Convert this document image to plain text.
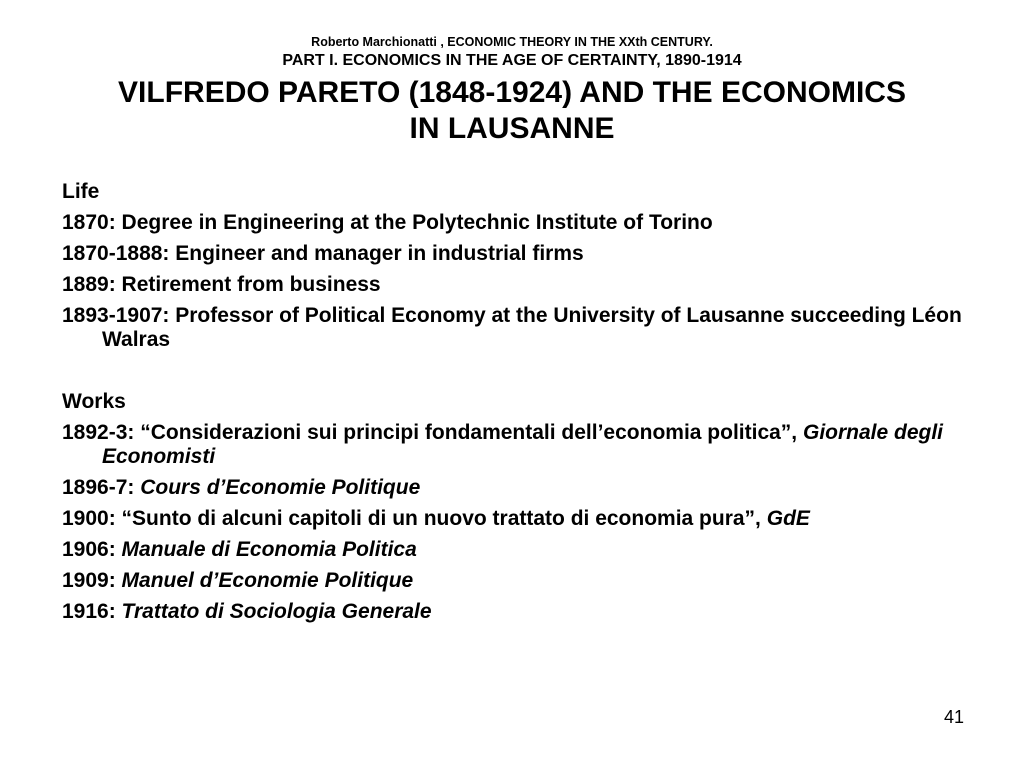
Roberto Marchionatti , ECONOMIC THEORY IN THE XXth CENTURY.
PART I. ECONOMICS IN THE AGE OF CERTAINTY, 1890-1914
VILFREDO PARETO (1848-1924) AND THE ECONOMICS
IN LAUSANNE
Life
1870: Degree in Engineering at the Polytechnic Institute of Torino
1870-1888: Engineer and manager in industrial firms
1889: Retirement from business
1893-1907: Professor of Political Economy at the University of Lausanne succeeding Léon Walras
Works
1892-3: “Considerazioni sui principi fondamentali dell’economia politica”, Giornale degli Economisti
1896-7: Cours d’Economie Politique
1900: “Sunto di alcuni capitoli di un nuovo trattato di economia pura”, GdE
1906: Manuale di Economia Politica
1909: Manuel d’Economie Politique
1916: Trattato di Sociologia Generale
41
